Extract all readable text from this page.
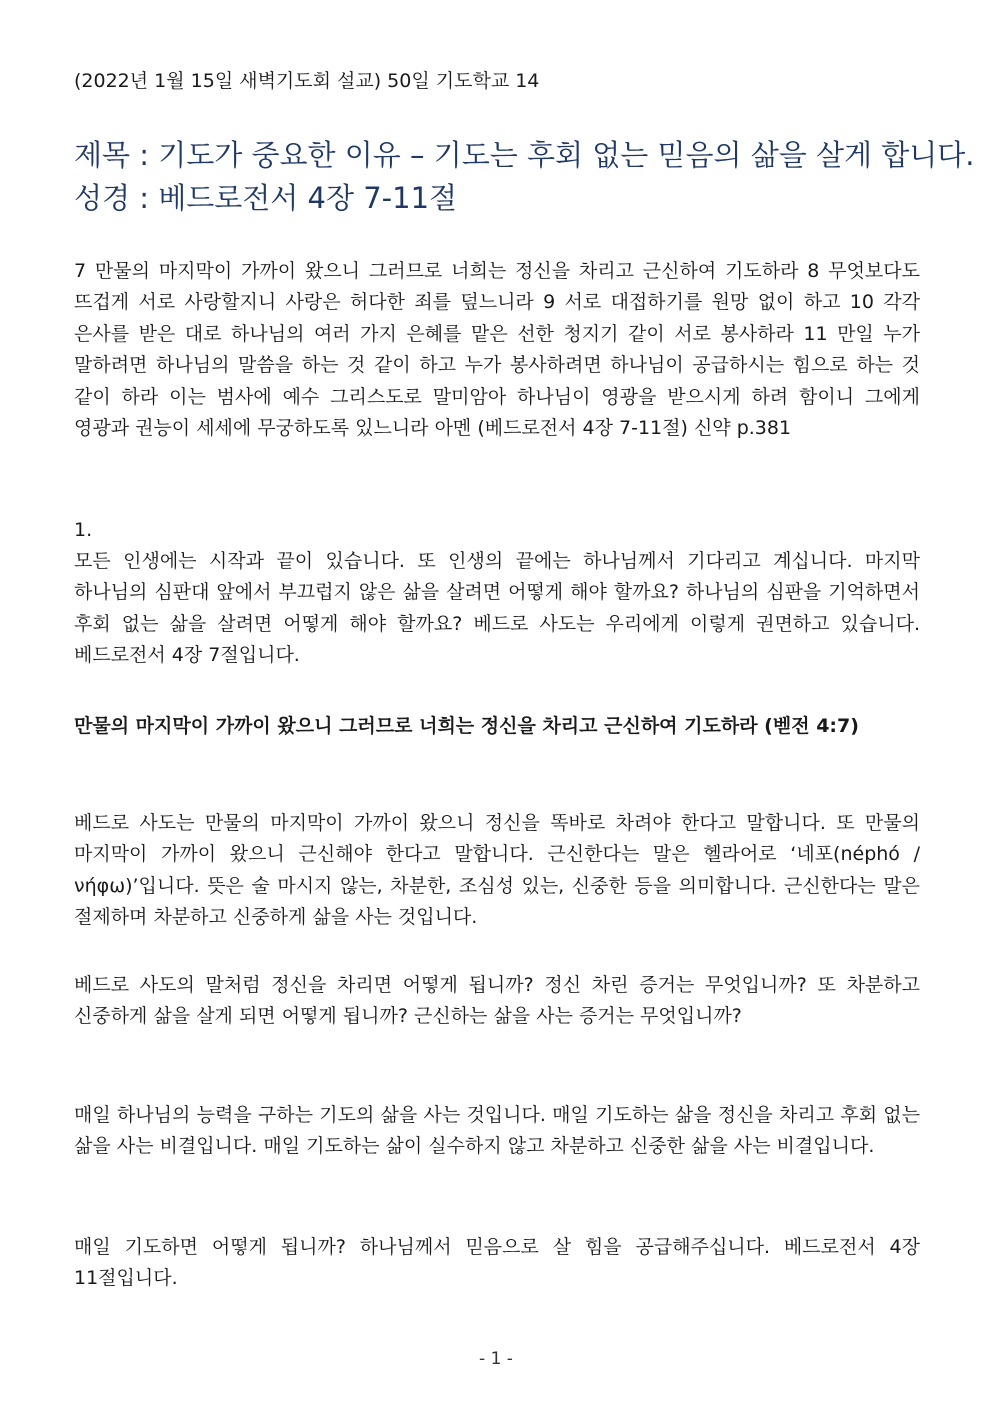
(2022년 1월 15일 새벽기도회 설교) 50일 기도학교 14
제목 : 기도가 중요한 이유 – 기도는 후회 없는 믿음의 삶을 살게 합니다.
성경 : 베드로전서 4장 7-11절
7 만물의 마지막이 가까이 왔으니 그러므로 너희는 정신을 차리고 근신하여 기도하라 8 무엇보다도 뜨겁게 서로 사랑할지니 사랑은 허다한 죄를 덮느니라 9 서로 대접하기를 원망 없이 하고 10 각각 은사를 받은 대로 하나님의 여러 가지 은혜를 맡은 선한 청지기 같이 서로 봉사하라 11 만일 누가 말하려면 하나님의 말씀을 하는 것 같이 하고 누가 봉사하려면 하나님이 공급하시는 힘으로 하는 것 같이 하라 이는 범사에 예수 그리스도로 말미암아 하나님이 영광을 받으시게 하려 함이니 그에게 영광과 권능이 세세에 무궁하도록 있느니라 아멘 (베드로전서 4장 7-11절) 신약 p.381
1.
모든 인생에는 시작과 끝이 있습니다. 또 인생의 끝에는 하나님께서 기다리고 계십니다. 마지막 하나님의 심판대 앞에서 부끄럽지 않은 삶을 살려면 어떻게 해야 할까요? 하나님의 심판을 기억하면서 후회 없는 삶을 살려면 어떻게 해야 할까요? 베드로 사도는 우리에게 이렇게 권면하고 있습니다. 베드로전서 4장 7절입니다.
만물의 마지막이 가까이 왔으니 그러므로 너희는 정신을 차리고 근신하여 기도하라 (벧전 4:7)
베드로 사도는 만물의 마지막이 가까이 왔으니 정신을 똑바로 차려야 한다고 말합니다. 또 만물의 마지막이 가까이 왔으니 근신해야 한다고 말합니다. 근신한다는 말은 헬라어로 ‘네포(néphó / νήφω)’입니다. 뜻은 술 마시지 않는, 차분한, 조심성 있는, 신중한 등을 의미합니다. 근신한다는 말은 절제하며 차분하고 신중하게 삶을 사는 것입니다.
베드로 사도의 말처럼 정신을 차리면 어떻게 됩니까? 정신 차린 증거는 무엇입니까? 또 차분하고 신중하게 삶을 살게 되면 어떻게 됩니까? 근신하는 삶을 사는 증거는 무엇입니까?
매일 하나님의 능력을 구하는 기도의 삶을 사는 것입니다. 매일 기도하는 삶을 정신을 차리고 후회 없는 삶을 사는 비결입니다. 매일 기도하는 삶이 실수하지 않고 차분하고 신중한 삶을 사는 비결입니다.
매일 기도하면 어떻게 됩니까? 하나님께서 믿음으로 살 힘을 공급해주십니다. 베드로전서 4장 11절입니다.
- 1 -
